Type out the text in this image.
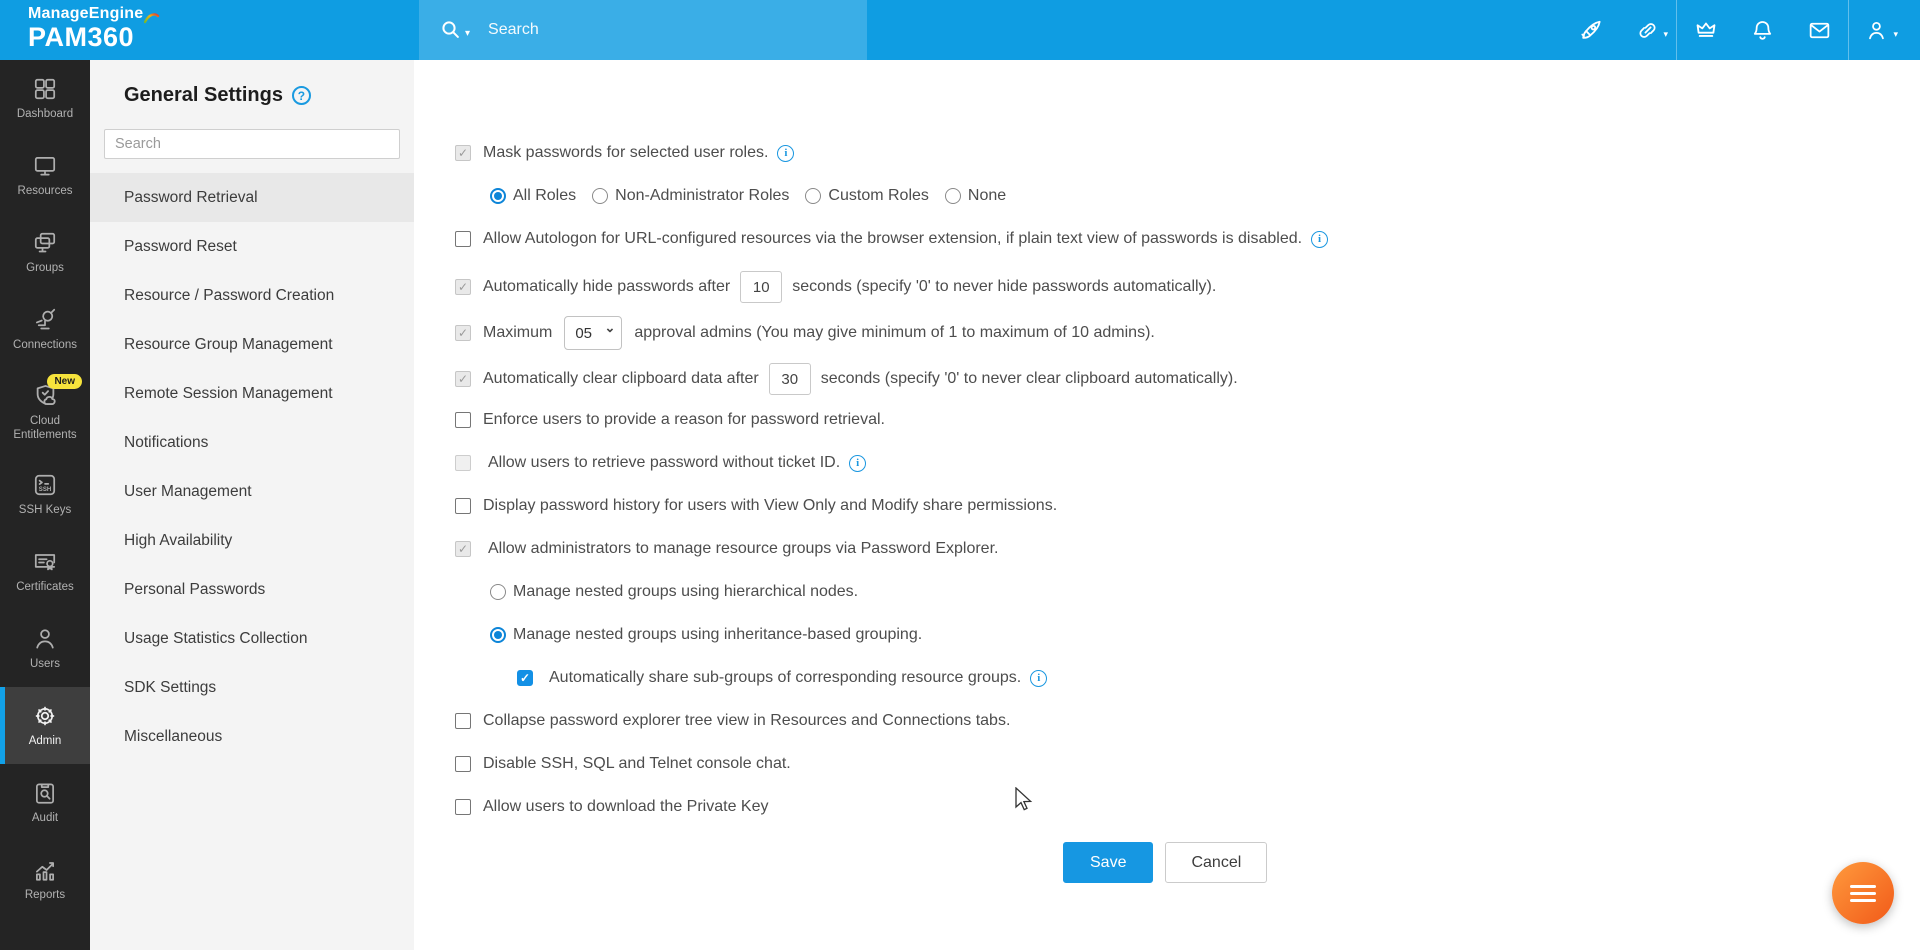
ManageEngine
PAM360	▾
Search	▾	▾
Dashboard
Resources
Groups
Connections
New
Cloud Entitlements
SSH
SSH Keys
Certificates
Users
Admin
Audit
Reports
General Settings	?
Search
Password Retrieval
Password Reset
Resource / Password Creation
Resource Group Management
Remote Session Management
Notifications
User Management
High Availability
Personal Passwords
Usage Statistics Collection
SDK Settings
Miscellaneous
✓
Mask passwords for selected user roles.	i
All Roles Non-Administrator Roles Custom Roles None
Allow Autologon for URL-configured resources via the browser extension, if plain text view of passwords is disabled.	i
✓
Automatically hide passwords after
10	seconds (specify '0' to never hide passwords automatically).
✓
Maximum
05 ⌄	approval admins (You may give minimum of 1 to maximum of 10 admins).
✓
Automatically clear clipboard data after
30	seconds (specify '0' to never clear clipboard automatically).
Enforce users to provide a reason for password retrieval.
Allow users to retrieve password without ticket ID.	i
Display password history for users with View Only and Modify share permissions.
✓
Allow administrators to manage resource groups via Password Explorer.
Manage nested groups using hierarchical nodes.
Manage nested groups using inheritance-based grouping.
✓
Automatically share sub-groups of corresponding resource groups.	i
Collapse password explorer tree view in Resources and Connections tabs.
Disable SSH, SQL and Telnet console chat.
Allow users to download the Private Key
Save	Cancel
